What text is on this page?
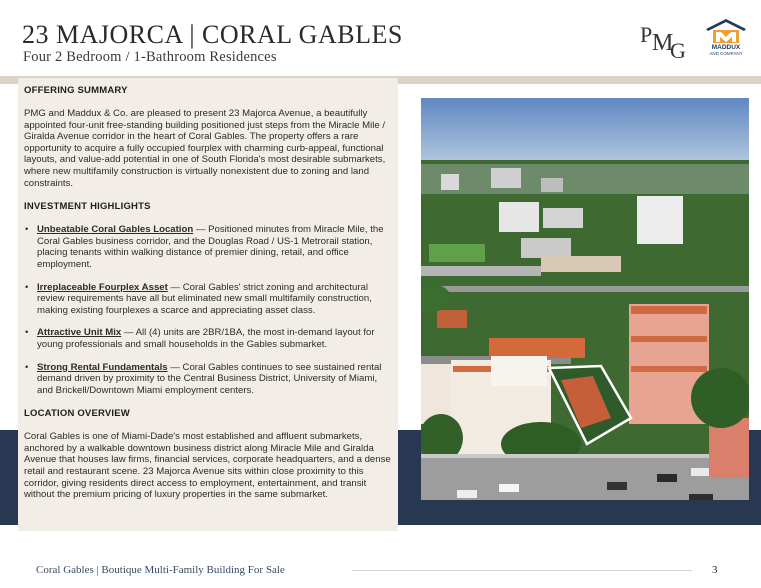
23 MAJORCA | CORAL GABLES
Four 2 Bedroom / 1-Bathroom Residences
P M
G	MADDUX
AND COMPANY
OFFERING SUMMARY

PMG and Maddux & Co. are pleased to present 23 Majorca Avenue, a beautifully appointed four-unit free-standing building positioned just steps from the Miracle Mile / Giralda Avenue corridor in the heart of Coral Gables. The property offers a rare opportunity to acquire a fully occupied fourplex with charming curb-appeal, functional layouts, and value-add potential in one of South Florida's most desirable submarkets, where new multifamily construction is virtually nonexistent due to zoning and land constraints.

INVESTMENT HIGHLIGHTS
• Unbeatable Coral Gables Location — Positioned minutes from Miracle Mile, the Coral Gables business corridor, and the Douglas Road / US-1 Metrorail station, placing tenants within walking distance of premier dining, retail, and office employment.
• Irreplaceable Fourplex Asset — Coral Gables' strict zoning and architectural review requirements have all but eliminated new small multifamily construction, making existing fourplexes a scarce and appreciating asset class.
• Attractive Unit Mix — All (4) units are 2BR/1BA, the most in-demand layout for young professionals and small households in the Gables submarket.
• Strong Rental Fundamentals — Coral Gables continues to see sustained rental demand driven by proximity to the Central Business District, University of Miami, and Brickell/Downtown Miami employment centers.
LOCATION OVERVIEW

Coral Gables is one of Miami-Dade's most established and affluent submarkets, anchored by a walkable downtown business district along Miracle Mile and Giralda Avenue that houses law firms, financial services, corporate headquarters, and a dense retail and restaurant scene. 23 Majorca Avenue sits within close proximity to this corridor, giving residents direct access to employment, entertainment, and transit without the premium pricing of luxury properties in the same submarket.

Coral Gables | Boutique Multi-Family Building For Sale	3
